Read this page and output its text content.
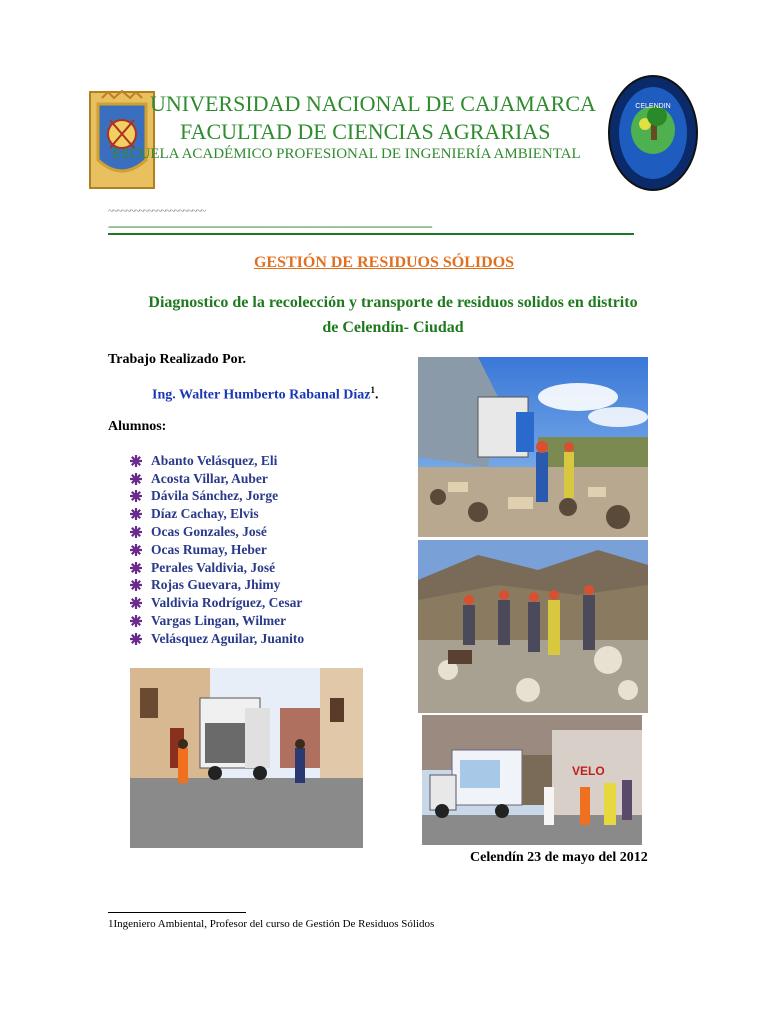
UNIVERSIDAD NACIONAL DE CAJAMARCA
FACULTAD DE CIENCIAS AGRARIAS
ESCUELA ACADÉMICO PROFESIONAL DE INGENIERÍA AMBIENTAL
CELENDIN
~~~~~~~~~~~~~~~~~~~~~~
------------------------------------------------------------------------------------------------------------
GESTIÓN DE RESIDUOS SÓLIDOS
Diagnostico de la recolección y transporte de residuos solidos en distrito
de Celendín- Ciudad
Trabajo Realizado Por.
Ing. Walter Humberto Rabanal Díaz$^1$.
Alumnos:
Abanto Velásquez, Eli
Acosta Villar, Auber
Dávila Sánchez, Jorge
Díaz Cachay, Elvis
Ocas Gonzales, José
Ocas Rumay, Heber
Perales Valdivia, José
Rojas Guevara, Jhimy
Valdivia Rodríguez, Cesar
Vargas Lingan, Wilmer
Velásquez Aguilar, Juanito
VELO
Celendín 23 de mayo del 2012
1Ingeniero Ambiental, Profesor del curso de Gestión De Residuos Sólidos
